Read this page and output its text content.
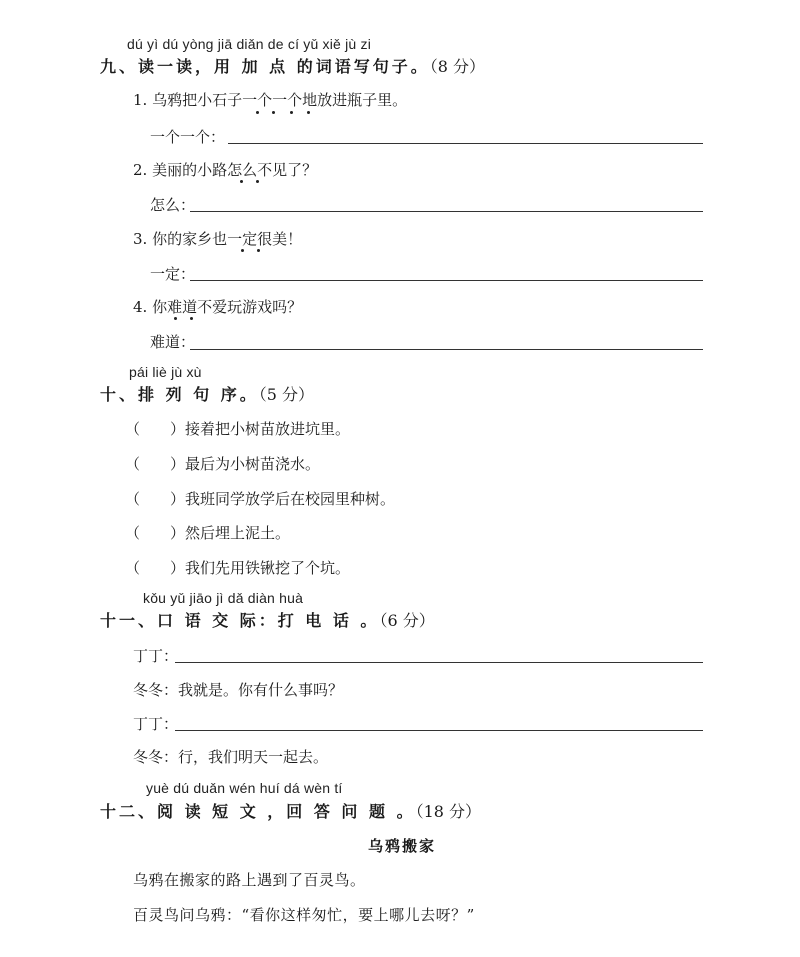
dú yì dú yòng jiā diǎn de cí yǔ xiě jù zi
九、读一读，用 加 点 的词语写句子。（8 分）
1. 乌鸦把小石子一个一个地放进瓶子里。
一个一个：
2. 美丽的小路怎么不见了？
怎么：
3. 你的家乡也一定很美！
一定：
4. 你难道不爱玩游戏吗？
难道：
pái liè jù xù
十、排 列 句 序。（5 分）
（　　）接着把小树苗放进坑里。
（　　）最后为小树苗浇水。
（　　）我班同学放学后在校园里种树。
（　　）然后埋上泥土。
（　　）我们先用铁锹挖了个坑。
kǒu yǔ jiāo jì dǎ diàn huà
十一、口 语 交 际：打 电 话 。（6 分）
丁丁：
冬冬：我就是。你有什么事吗？
丁丁：
冬冬：行，我们明天一起去。
yuè dú duǎn wén huí dá wèn tí
十二、阅 读 短 文 ，回 答 问 题 。（18 分）
乌鸦搬家
乌鸦在搬家的路上遇到了百灵鸟。
百灵鸟问乌鸦：“看你这样匆忙，要上哪儿去呀？”
